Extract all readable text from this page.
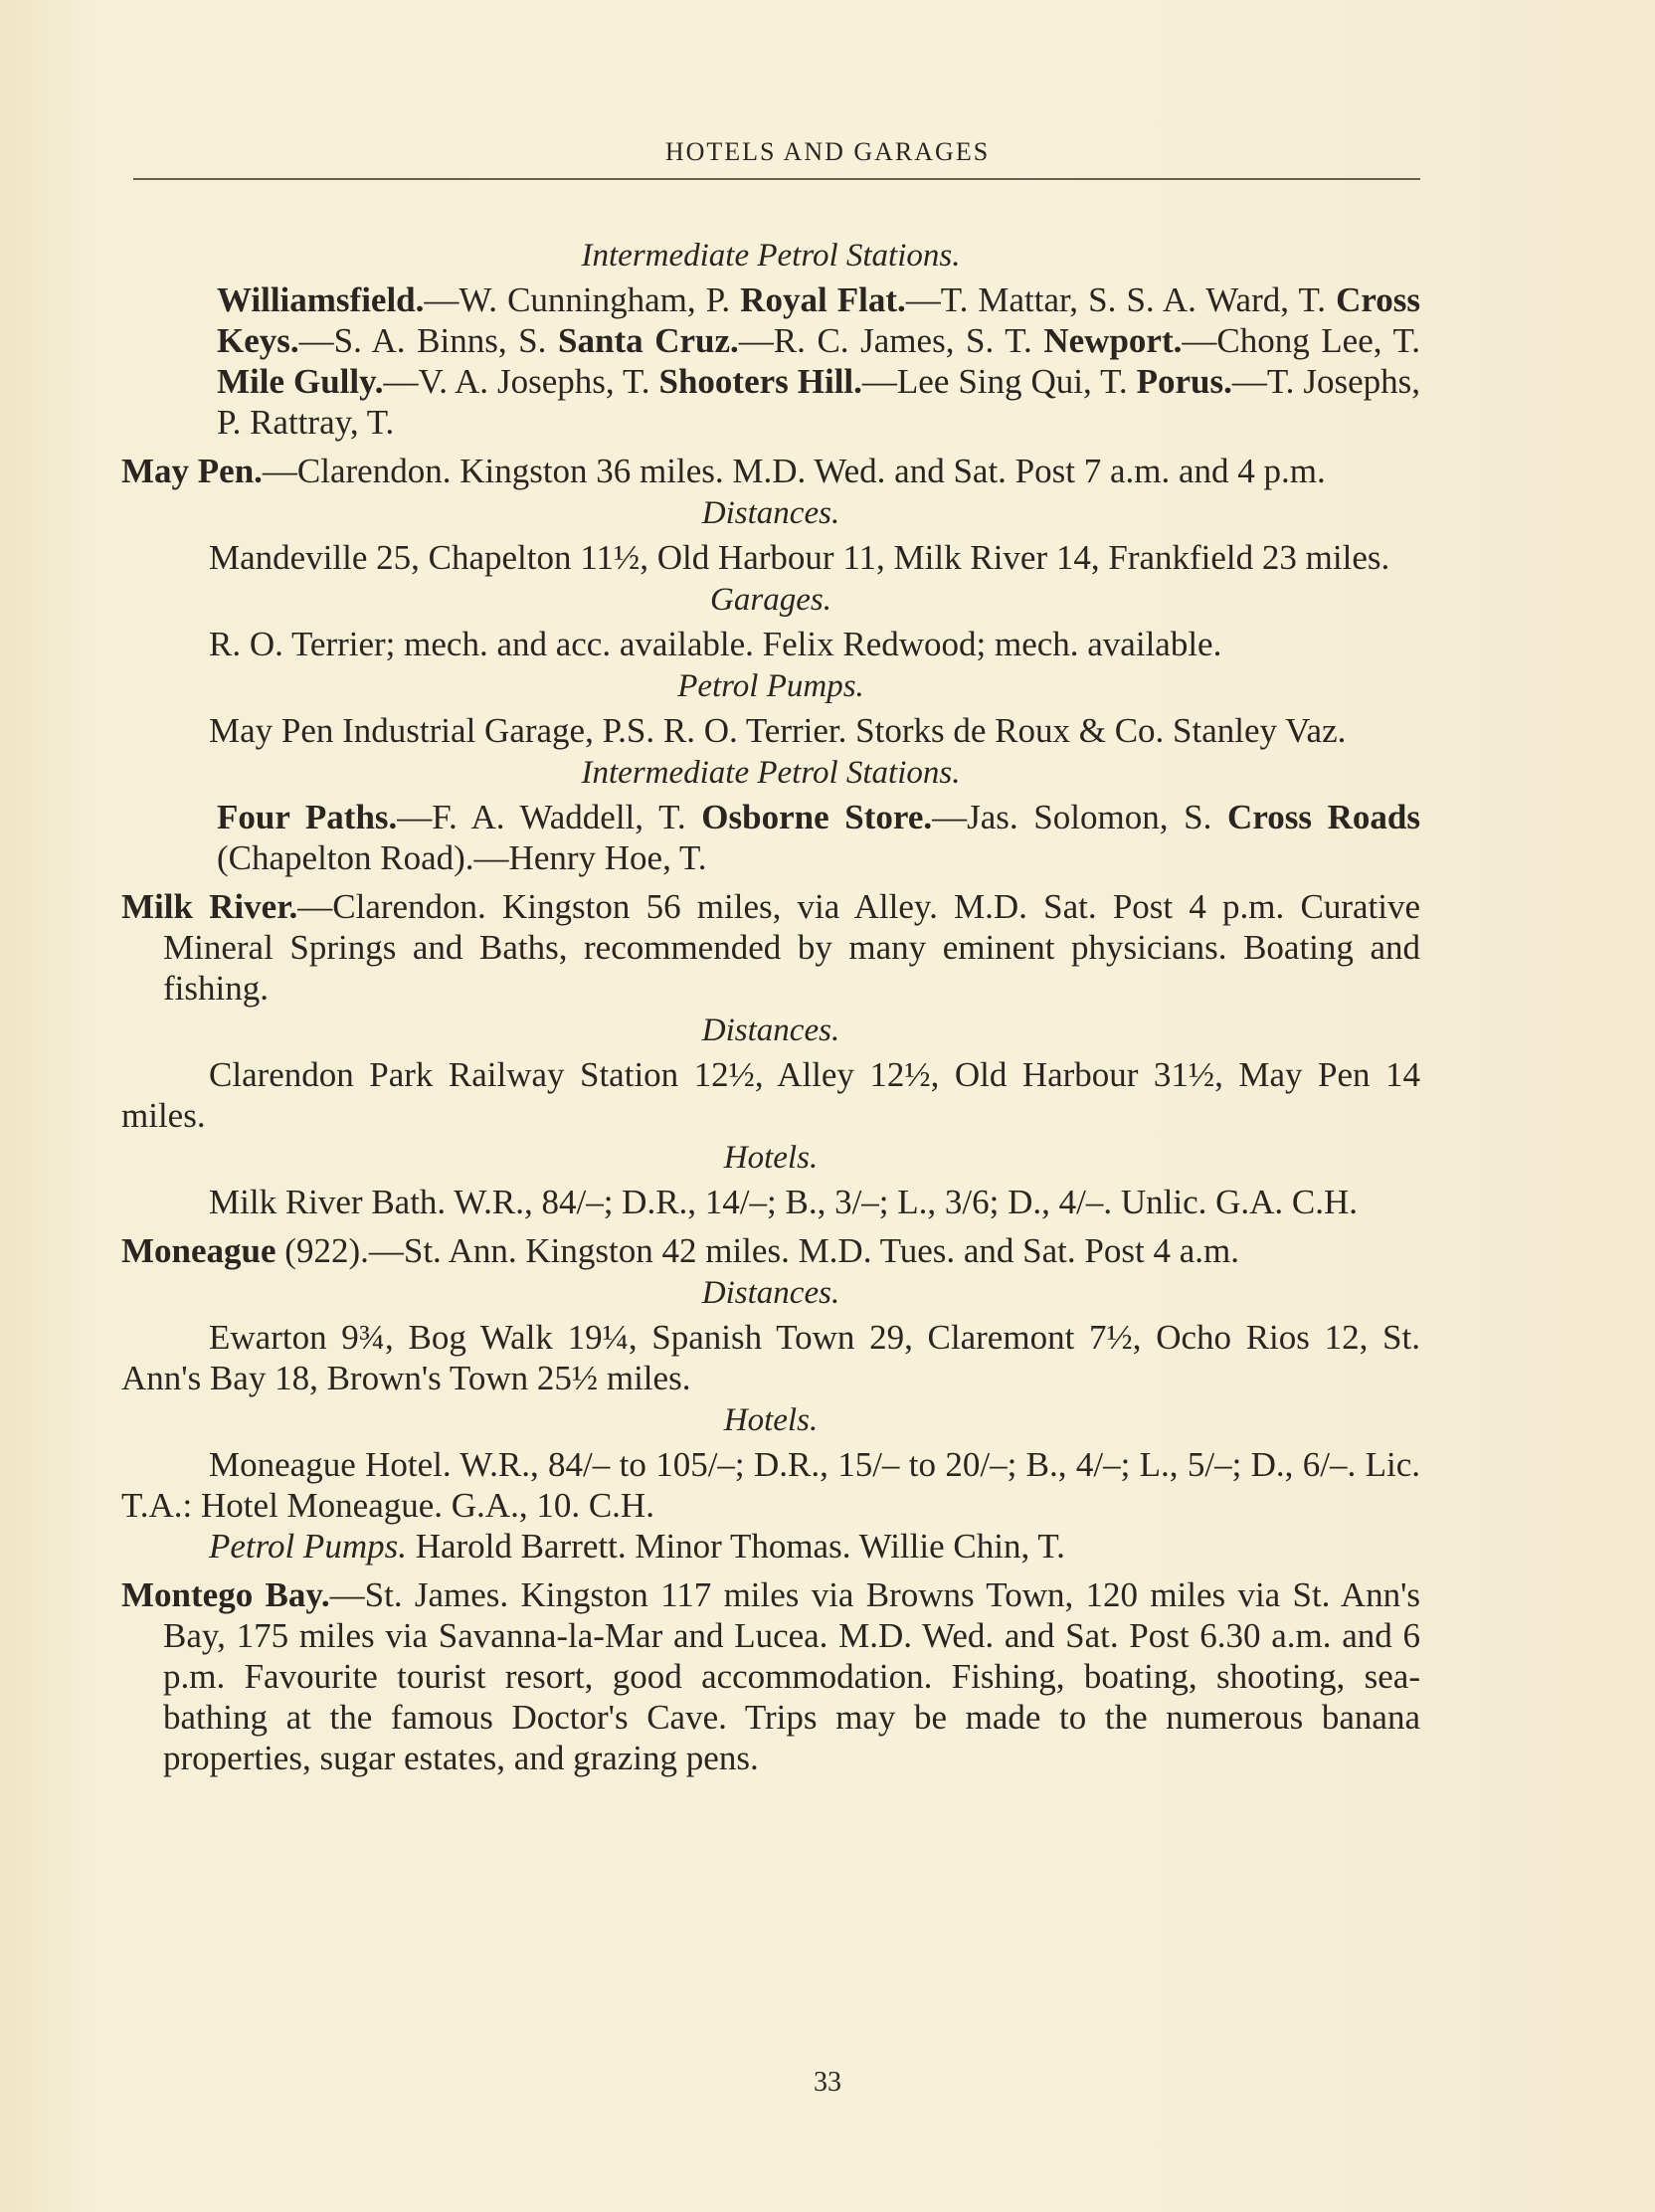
HOTELS AND GARAGES
Intermediate Petrol Stations.
Williamsfield.—W. Cunningham, P. Royal Flat.—T. Mattar, S. S. A. Ward, T. Cross Keys.—S. A. Binns, S. Santa Cruz.—R. C. James, S. T. Newport.—Chong Lee, T. Mile Gully.—V. A. Josephs, T. Shooters Hill.—Lee Sing Qui, T. Porus.—T. Josephs, P. Rattray, T.
May Pen.—Clarendon. Kingston 36 miles. M.D. Wed. and Sat. Post 7 a.m. and 4 p.m.
Distances.
Mandeville 25, Chapelton 11½, Old Harbour 11, Milk River 14, Frankfield 23 miles.
Garages.
R. O. Terrier; mech. and acc. available. Felix Redwood; mech. available.
Petrol Pumps.
May Pen Industrial Garage, P.S. R. O. Terrier. Storks de Roux & Co. Stanley Vaz.
Intermediate Petrol Stations.
Four Paths.—F. A. Waddell, T. Osborne Store.—Jas. Solomon, S. Cross Roads (Chapelton Road).—Henry Hoe, T.
Milk River.—Clarendon. Kingston 56 miles, via Alley. M.D. Sat. Post 4 p.m. Curative Mineral Springs and Baths, recommended by many eminent physicians. Boating and fishing.
Distances.
Clarendon Park Railway Station 12½, Alley 12½, Old Harbour 31½, May Pen 14 miles.
Hotels.
Milk River Bath. W.R., 84/–; D.R., 14/–; B., 3/–; L., 3/6; D., 4/–. Unlic. G.A. C.H.
Moneague (922).—St. Ann. Kingston 42 miles. M.D. Tues. and Sat. Post 4 a.m.
Distances.
Ewarton 9¾, Bog Walk 19¼, Spanish Town 29, Claremont 7½, Ocho Rios 12, St. Ann's Bay 18, Brown's Town 25½ miles.
Hotels.
Moneague Hotel. W.R., 84/– to 105/–; D.R., 15/– to 20/–; B., 4/–; L., 5/–; D., 6/–. Lic. T.A.: Hotel Moneague. G.A., 10. C.H.
Petrol Pumps. Harold Barrett. Minor Thomas. Willie Chin, T.
Montego Bay.—St. James. Kingston 117 miles via Browns Town, 120 miles via St. Ann's Bay, 175 miles via Savanna-la-Mar and Lucea. M.D. Wed. and Sat. Post 6.30 a.m. and 6 p.m. Favourite tourist resort, good accommodation. Fishing, boating, shooting, sea-bathing at the famous Doctor's Cave. Trips may be made to the numerous banana properties, sugar estates, and grazing pens.
33
